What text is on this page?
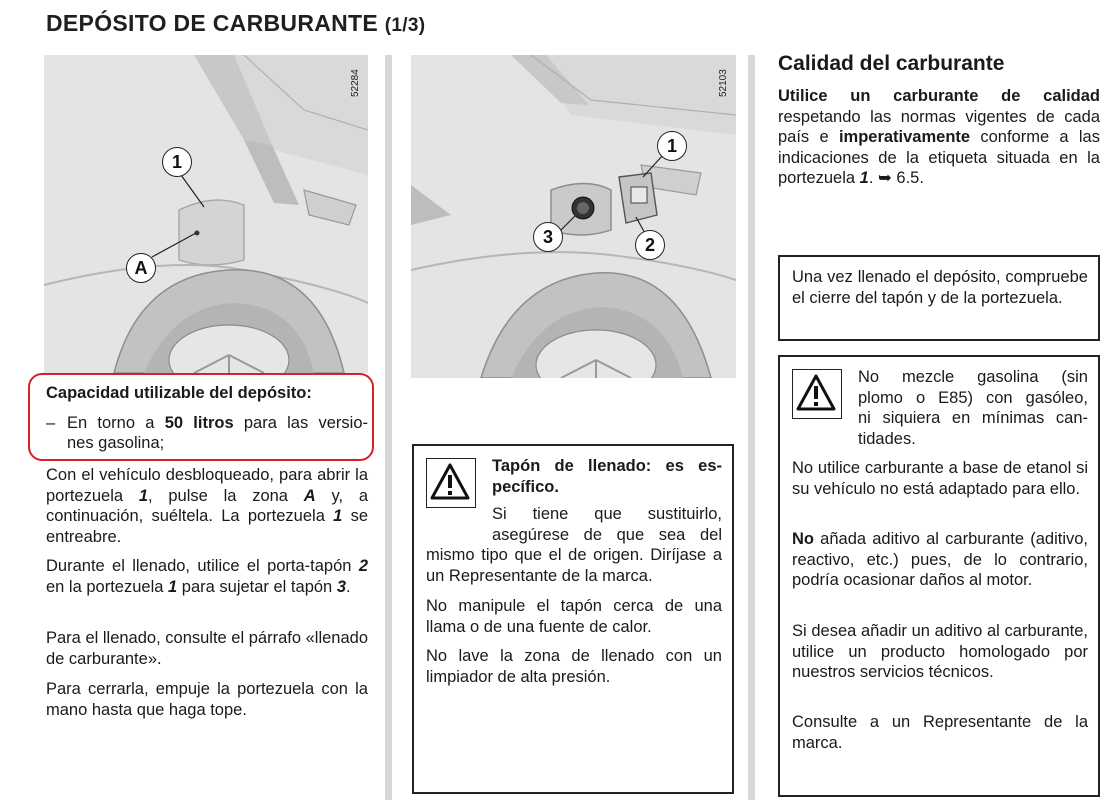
DEPÓSITO DE CARBURANTE (1/3)
52284
1
A
52103
1
2
3
Capacidad utilizable del depósito:
– En torno a 50 litros para las versio-
nes gasolina;
Con el vehículo desbloqueado, para abrir la portezuela 1, pulse la zona A y, a continuación, suéltela. La portezuela 1 se entreabre.
Durante el llenado, utilice el porta-tapón 2 en la portezuela 1 para sujetar el tapón 3.
Para el llenado, consulte el párrafo «llenado de carburante».
Para cerrarla, empuje la portezuela con la mano hasta que haga tope.
Tapón de llenado: es es-
pecífico.
Si tiene que sustituirlo,
asegúrese de que sea del
mismo tipo que el de origen. Diríjase a un Representante de la marca.
No manipule el tapón cerca de una llama o de una fuente de calor.
No lave la zona de llenado con un limpiador de alta presión.
Calidad del carburante
Utilice un carburante de calidad respetando las normas vigentes de cada país e imperativamente conforme a las indicaciones de la etiqueta situada en la portezuela 1. ➥ 6.5.
Una vez llenado el depósito, compruebe el cierre del tapón y de la portezuela.
No mezcle gasolina (sin
plomo o E85) con gasóleo,
ni siquiera en mínimas can-
tidades.
No utilice carburante a base de etanol si su vehículo no está adaptado para ello.
No añada aditivo al carburante (aditivo, reactivo, etc.) pues, de lo contrario, podría ocasionar daños al motor.
Si desea añadir un aditivo al carburante, utilice un producto homologado por nuestros servicios técnicos.
Consulte a un Representante de la marca.
